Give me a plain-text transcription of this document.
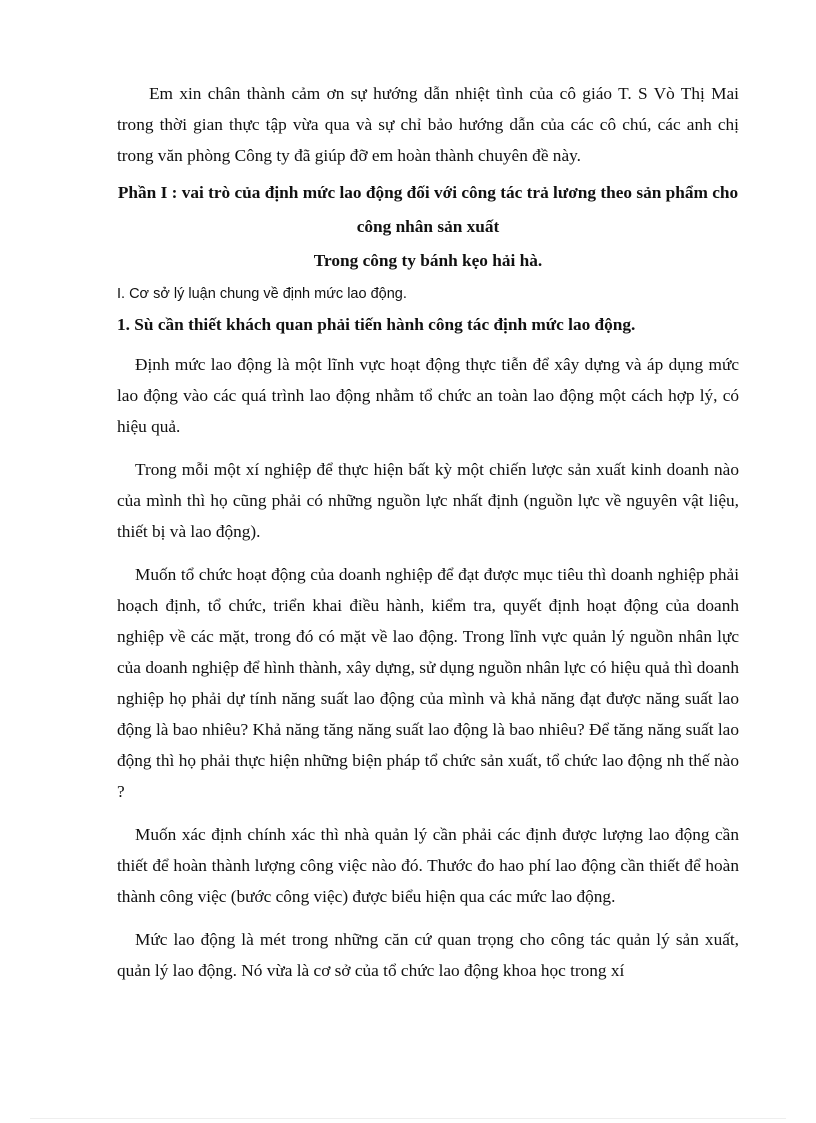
Em xin chân thành cảm ơn sự hướng dẫn nhiệt tình của cô giáo T. S Vò Thị Mai trong thời gian thực tập vừa qua và sự chỉ bảo hướng dẫn của các cô chú, các anh chị trong văn phòng Công ty đã giúp đỡ em hoàn thành chuyên đề này.

Phần I : vai trò của định mức lao động đối với công tác trả lương theo sản phẩm cho

công nhân sản xuất

Trong công ty bánh kẹo hải hà.

I. Cơ sở lý luận chung về định mức lao động.

1. Sù cần thiết khách quan phải tiến hành công tác định mức lao động.

Định mức lao động là một lĩnh vực hoạt động thực tiễn để xây dựng và áp dụng mức lao động vào các quá trình lao động nhằm tổ chức an toàn lao động một cách hợp lý, có hiệu quả.

Trong mỗi một xí nghiệp để thực hiện bất kỳ một chiến lược sản xuất kinh doanh nào của mình thì họ cũng phải có những nguồn lực nhất định (nguồn lực về nguyên vật liệu, thiết bị và lao động).

Muốn tổ chức hoạt động của doanh nghiệp để đạt được mục tiêu thì doanh nghiệp phải hoạch định, tổ chức, triển khai điều hành, kiểm tra, quyết định hoạt động của doanh nghiệp về các mặt, trong đó có mặt về lao động. Trong lĩnh vực quản lý nguồn nhân lực của doanh nghiệp để hình thành, xây dựng, sử dụng nguồn nhân lực có hiệu quả thì doanh nghiệp họ phải dự tính năng suất lao động của mình và khả năng đạt được năng suất lao động là bao nhiêu? Khả năng tăng năng suất lao động là bao nhiêu? Để tăng năng suất lao động thì họ phải thực hiện những biện pháp tổ chức sản xuất, tổ chức lao động nh thế nào ?

Muốn xác định chính xác thì nhà quản lý cần phải các định được lượng lao động cần thiết để hoàn thành lượng công việc nào đó. Thước đo hao phí lao động cần thiết để hoàn thành công việc (bước công việc) được biểu hiện qua các mức lao động.

Mức lao động là mét trong những căn cứ quan trọng cho công tác quản lý sản xuất, quản lý lao động. Nó vừa là cơ sở của tổ chức lao động khoa học trong xí
